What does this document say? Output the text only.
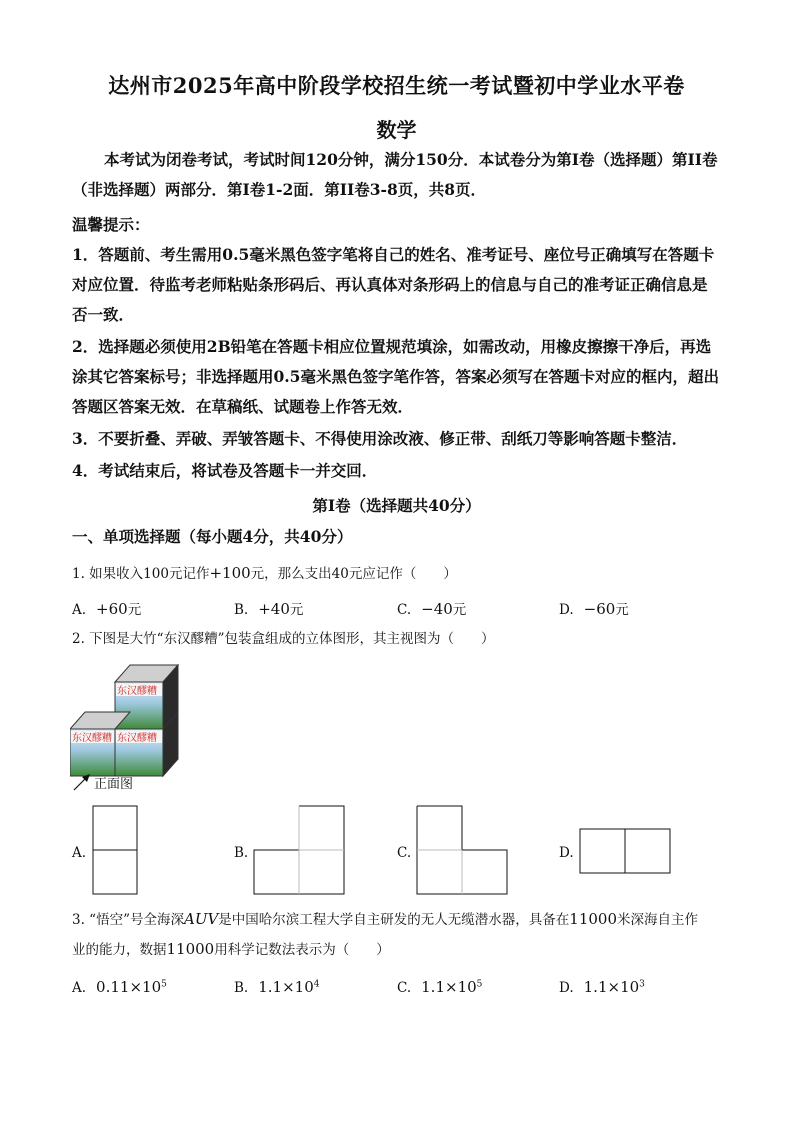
达州市2025年高中阶段学校招生统一考试暨初中学业水平卷
数学
本考试为闭卷考试，考试时间120分钟，满分150分．本试卷分为第I卷（选择题）第II卷（非选择题）两部分．第I卷1-2面．第II卷3-8页，共8页．
温馨提示：
1．答题前、考生需用0.5毫米黑色签字笔将自己的姓名、准考证号、座位号正确填写在答题卡对应位置．待监考老师粘贴条形码后、再认真体对条形码上的信息与自己的准考证正确信息是否一致．
2．选择题必须使用2B铅笔在答题卡相应位置规范填涂，如需改动，用橡皮擦擦干净后，再选涂其它答案标号；非选择题用0.5毫米黑色签字笔作答，答案必须写在答题卡对应的框内，超出答题区答案无效．在草稿纸、试题卷上作答无效．
3．不要折叠、弄破、弄皱答题卡、不得使用涂改液、修正带、刮纸刀等影响答题卡整洁．
4．考试结束后，将试卷及答题卡一并交回．
第I卷（选择题共40分）
一、单项选择题（每小题4分，共40分）
1. 如果收入100元记作+100元，那么支出40元应记作（　　）
A. +60元	B. +40元	C. −40元	D. −60元
2. 下图是大竹“东汉醪糟”包装盒组成的立体图形，其主视图为（　　）
东汉醪糟
东汉醪糟
东汉醪糟
正面图
A.	B.	C.	D.
3. “悟空”号全海深AUV是中国哈尔滨工程大学自主研发的无人无缆潜水器，具备在11000米深海自主作
业的能力，数据11000用科学记数法表示为（　　）
A. $0.11\times 10^5$	B. $1.1\times 10^4$	C. $1.1\times 10^5$	D. $1.1\times 10^3$
